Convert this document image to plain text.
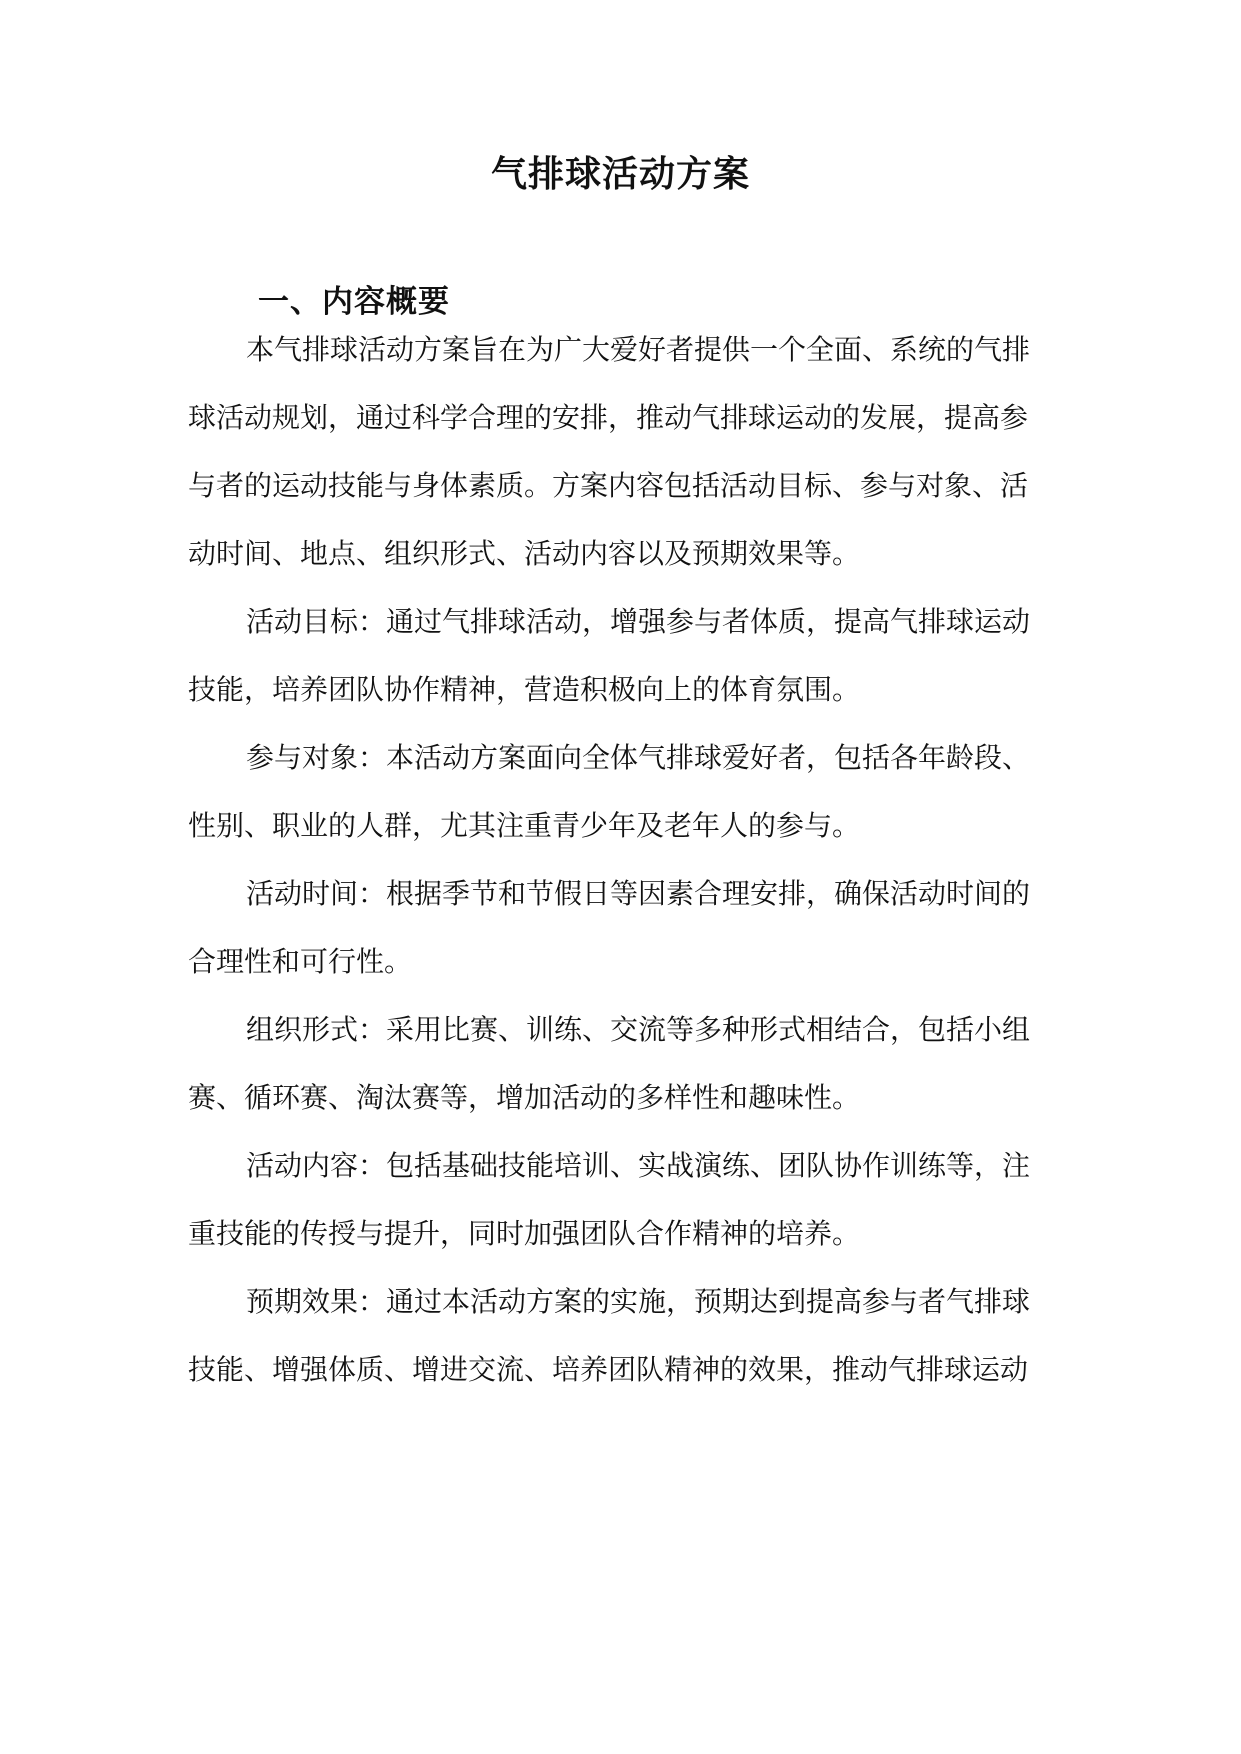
气排球活动方案
一、内容概要

本气排球活动方案旨在为广大爱好者提供一个全面、系统的气排

球活动规划，通过科学合理的安排，推动气排球运动的发展，提高参

与者的运动技能与身体素质。方案内容包括活动目标、参与对象、活

动时间、地点、组织形式、活动内容以及预期效果等。

活动目标：通过气排球活动，增强参与者体质，提高气排球运动

技能，培养团队协作精神，营造积极向上的体育氛围。

参与对象：本活动方案面向全体气排球爱好者，包括各年龄段、

性别、职业的人群，尤其注重青少年及老年人的参与。

活动时间：根据季节和节假日等因素合理安排，确保活动时间的

合理性和可行性。

组织形式：采用比赛、训练、交流等多种形式相结合，包括小组

赛、循环赛、淘汰赛等，增加活动的多样性和趣味性。

活动内容：包括基础技能培训、实战演练、团队协作训练等，注

重技能的传授与提升，同时加强团队合作精神的培养。

预期效果：通过本活动方案的实施，预期达到提高参与者气排球

技能、增强体质、增进交流、培养团队精神的效果，推动气排球运动
